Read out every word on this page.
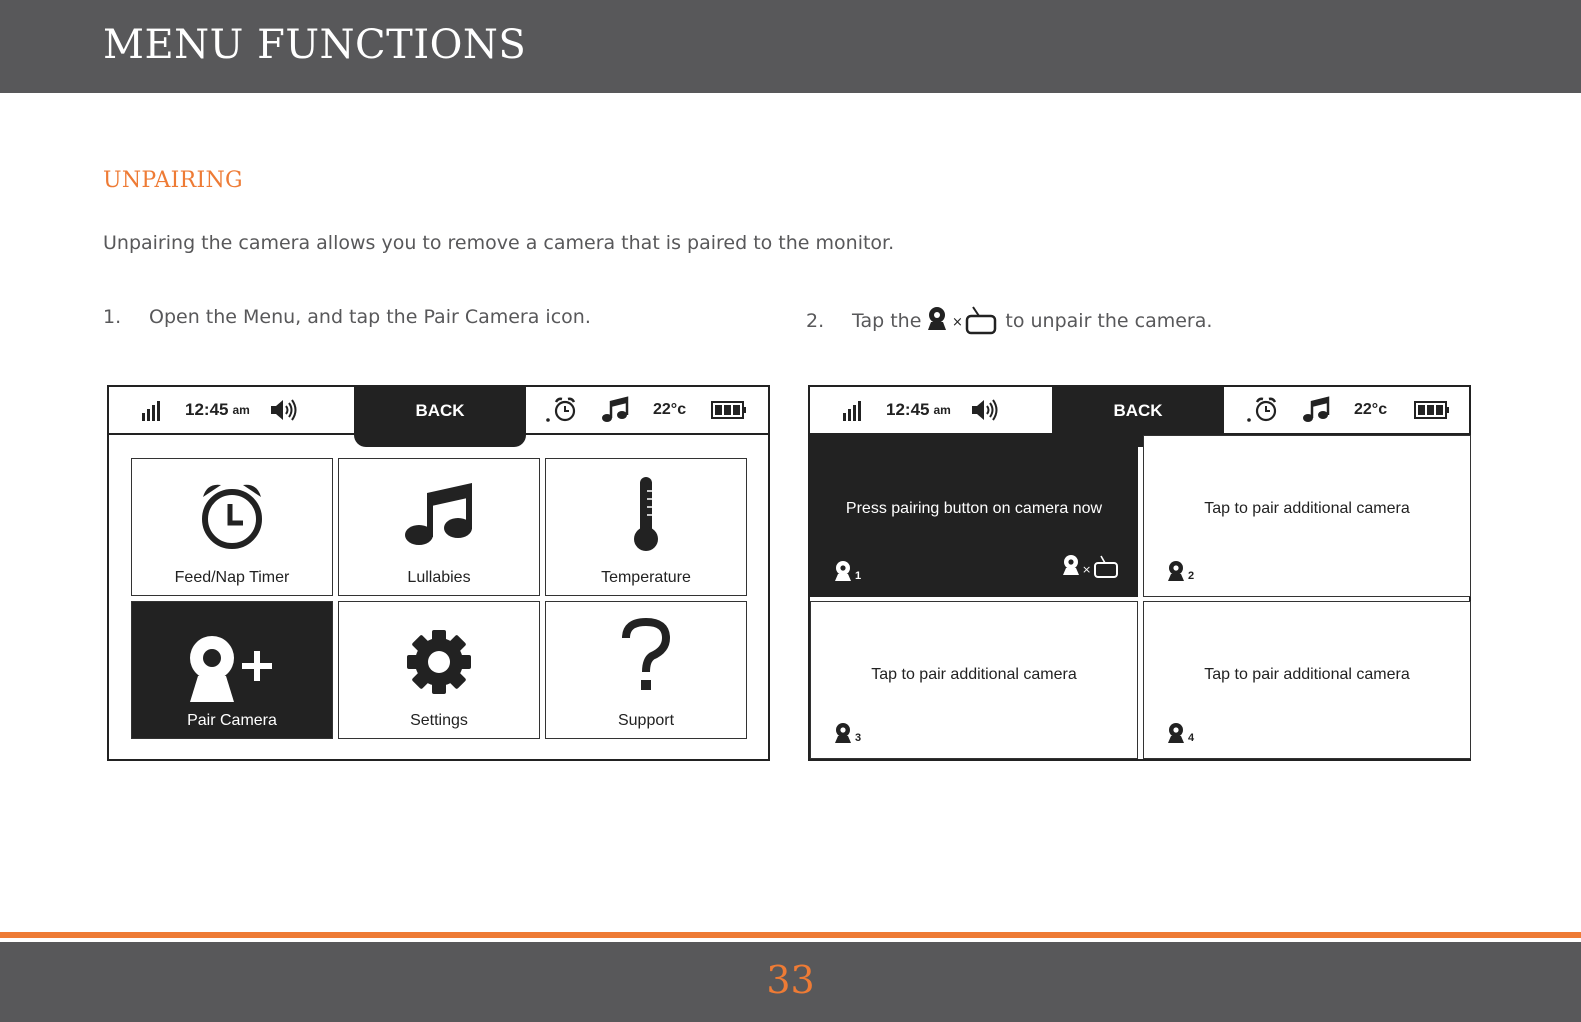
MENU FUNCTIONS
UNPAIRING
Unpairing the camera allows you to remove a camera that is paired to the monitor.
1.	Open the Menu, and tap the Pair Camera icon.	2.	Tap the × to unpair the camera.
12:45 am	BACK	22°c
Feed/Nap Timer	Lullabies	Temperature
Pair Camera	Settings	Support
12:45 am	BACK	22°c
Press pairing button on camera now
1	×
Tap to pair additional camera
2
Tap to pair additional camera
3
Tap to pair additional camera
4
33
